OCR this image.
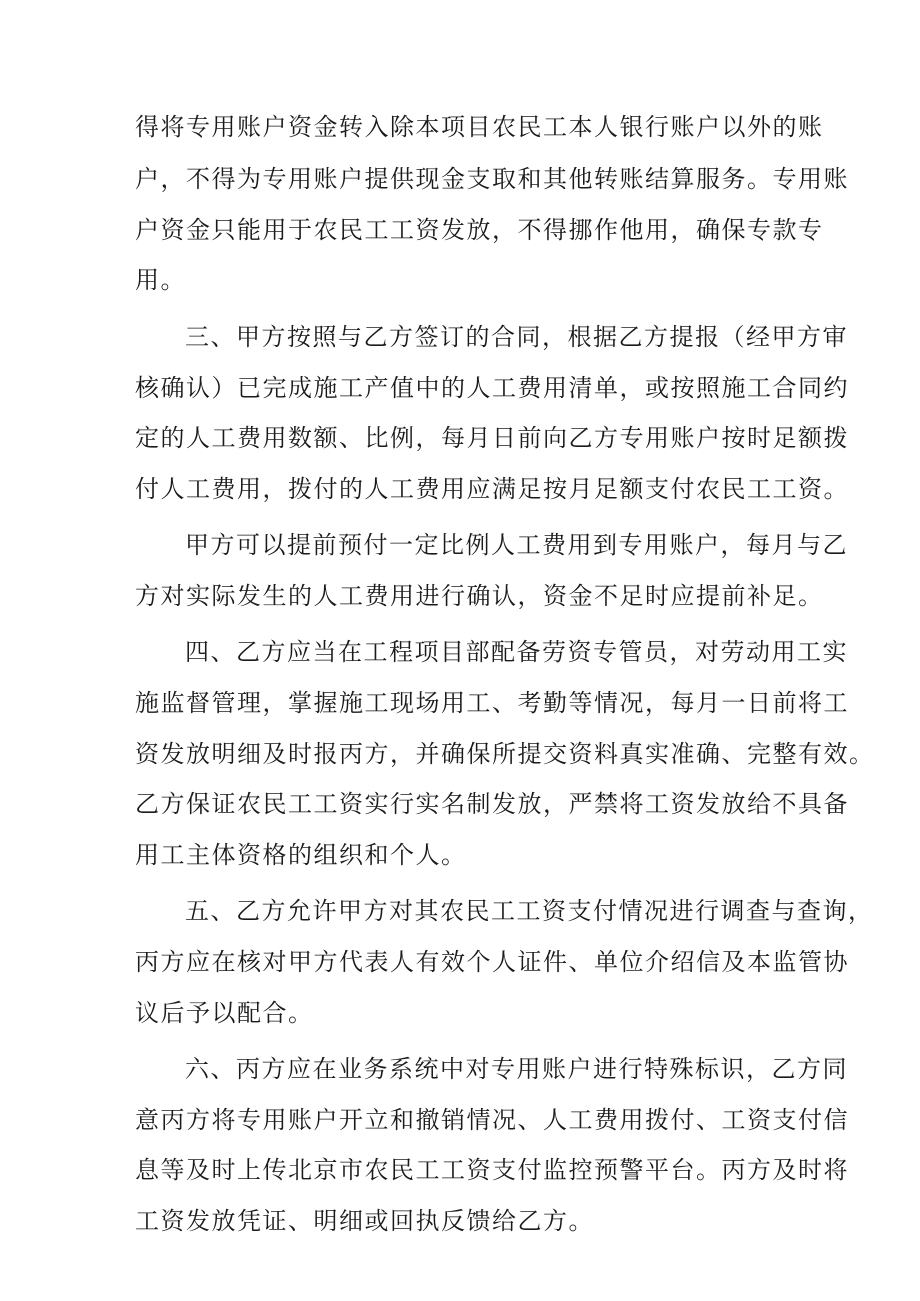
得将专用账户资金转入除本项目农民工本人银行账户以外的账
户，不得为专用账户提供现金支取和其他转账结算服务。专用账
户资金只能用于农民工工资发放，不得挪作他用，确保专款专
用。
三、甲方按照与乙方签订的合同，根据乙方提报（经甲方审
核确认）已完成施工产值中的人工费用清单，或按照施工合同约
定的人工费用数额、比例，每月日前向乙方专用账户按时足额拨
付人工费用，拨付的人工费用应满足按月足额支付农民工工资。
甲方可以提前预付一定比例人工费用到专用账户，每月与乙
方对实际发生的人工费用进行确认，资金不足时应提前补足。
四、乙方应当在工程项目部配备劳资专管员，对劳动用工实
施监督管理，掌握施工现场用工、考勤等情况，每月一日前将工
资发放明细及时报丙方，并确保所提交资料真实准确、完整有效。
乙方保证农民工工资实行实名制发放，严禁将工资发放给不具备
用工主体资格的组织和个人。
五、乙方允许甲方对其农民工工资支付情况进行调查与查询，
丙方应在核对甲方代表人有效个人证件、单位介绍信及本监管协
议后予以配合。
六、丙方应在业务系统中对专用账户进行特殊标识，乙方同
意丙方将专用账户开立和撤销情况、人工费用拨付、工资支付信
息等及时上传北京市农民工工资支付监控预警平台。丙方及时将
工资发放凭证、明细或回执反馈给乙方。
